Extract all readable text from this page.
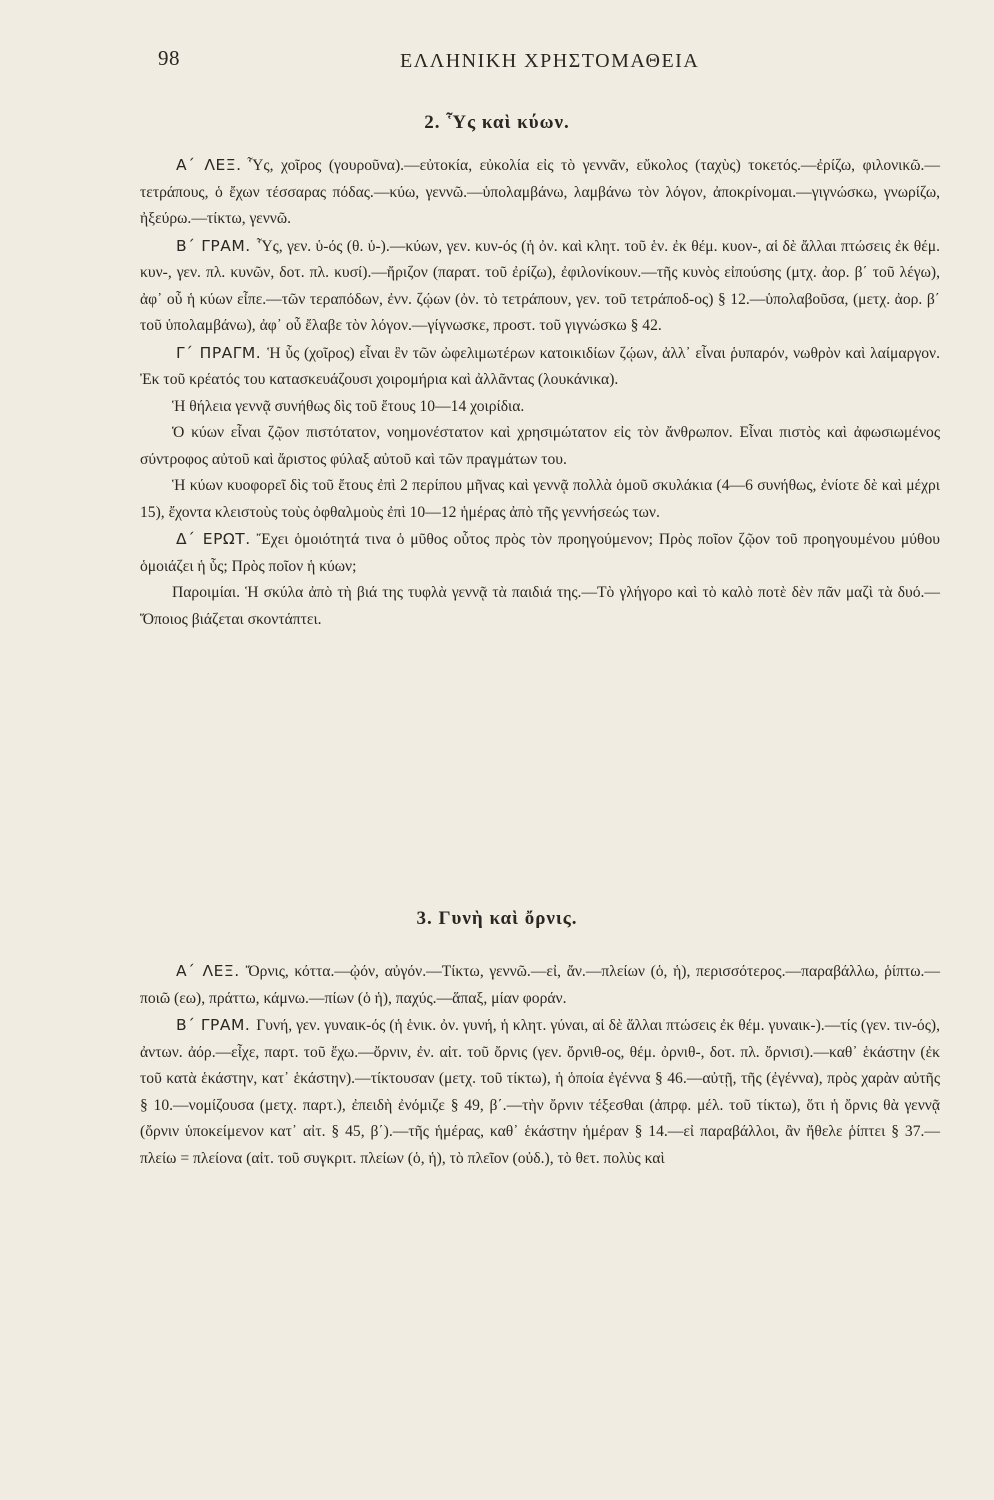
98	ΕΛΛΗΝΙΚΗ ΧΡΗΣΤΟΜΑΘΕΙΑ
2. Ὗς καὶ κύων.

Α΄ ΛΕΞ. Ὗς, χοῖρος (γουροῦνα).—εὐτοκία, εὐκολία εἰς τὸ γεννᾶν, εὔκολος (ταχὺς) τοκετός.—ἐρίζω, φιλονικῶ.—τετράπους, ὁ ἔχων τέσσαρας πόδας.—κύω, γεννῶ.—ὑπολαμβάνω, λαμβάνω τὸν λόγον, ἀποκρίνομαι.—γιγνώσκω, γνωρίζω, ἠξεύρω.—τίκτω, γεννῶ.

Β΄ ΓΡΑΜ. Ὗς, γεν. ὑ-ός (θ. ὑ-).—κύων, γεν. κυν-ός (ἡ ὀν. καὶ κλητ. τοῦ ἑν. ἐκ θέμ. κυον-, αἱ δὲ ἄλλαι πτώσεις ἐκ θέμ. κυν-, γεν. πλ. κυνῶν, δοτ. πλ. κυσί).—ἤριζον (παρατ. τοῦ ἐρίζω), ἐφιλονίκουν.—τῆς κυνὸς εἰπούσης (μτχ. ἀορ. β΄ τοῦ λέγω), ἀφ᾽ οὗ ἡ κύων εἶπε.—τῶν τεραπόδων, ἐνν. ζῴων (ὀν. τὸ τετράπουν, γεν. τοῦ τετράποδ-ος) § 12.—ὑπολαβοῦσα, (μετχ. ἀορ. β΄ τοῦ ὑπολαμβάνω), ἀφ᾽ οὗ ἔλαβε τὸν λόγον.—γίγνωσκε, προστ. τοῦ γιγνώσκω § 42.

Γ΄ ΠΡΑΓΜ. Ἡ ὗς (χοῖρος) εἶναι ἓν τῶν ὠφελιμωτέρων κατοικιδίων ζῴων, ἀλλ᾽ εἶναι ῥυπαρόν, νωθρὸν καὶ λαίμαργον. Ἐκ τοῦ κρέατός του κατασκευάζουσι χοιρομήρια καὶ ἀλλᾶντας (λουκάνικα).

Ἡ θήλεια γεννᾷ συνήθως δὶς τοῦ ἔτους 10—14 χοιρίδια.

Ὁ κύων εἶναι ζῷον πιστότατον, νοημονέστατον καὶ χρησιμώτατον εἰς τὸν ἄνθρωπον. Εἶναι πιστὸς καὶ ἀφωσιωμένος σύντροφος αὐτοῦ καὶ ἄριστος φύλαξ αὐτοῦ καὶ τῶν πραγμάτων του.

Ἡ κύων κυοφορεῖ δὶς τοῦ ἔτους ἐπὶ 2 περίπου μῆνας καὶ γεννᾷ πολλὰ ὁμοῦ σκυλάκια (4—6 συνήθως, ἐνίοτε δὲ καὶ μέχρι 15), ἔχοντα κλειστοὺς τοὺς ὀφθαλμοὺς ἐπὶ 10—12 ἡμέρας ἀπὸ τῆς γεννήσεώς των.

Δ΄ ΕΡΩΤ. Ἔχει ὁμοιότητά τινα ὁ μῦθος οὗτος πρὸς τὸν προηγούμενον; Πρὸς ποῖον ζῷον τοῦ προηγουμένου μύθου ὁμοιάζει ἡ ὗς; Πρὸς ποῖον ἡ κύων;

Παροιμίαι. Ἡ σκύλα ἀπὸ τὴ βιά της τυφλὰ γεννᾷ τὰ παιδιά της.—Τὸ γλήγορο καὶ τὸ καλὸ ποτὲ δὲν πᾶν μαζὶ τὰ δυό.—Ὅποιος βιάζεται σκοντάπτει.

3. Γυνὴ καὶ ὄρνις.

Α΄ ΛΕΞ. Ὄρνις, κόττα.—ᾠόν, αὐγόν.—Τίκτω, γεννῶ.—εἰ, ἄν.—πλείων (ὁ, ἡ), περισσότερος.—παραβάλλω, ῥίπτω.—ποιῶ (εω), πράττω, κάμνω.—πίων (ὁ ἡ), παχύς.—ἅπαξ, μίαν φοράν.

Β΄ ΓΡΑΜ. Γυνή, γεν. γυναικ-ός (ἡ ἑνικ. ὀν. γυνή, ἡ κλητ. γύναι, αἱ δὲ ἄλλαι πτώσεις ἐκ θέμ. γυναικ-).—τίς (γεν. τιν-ός), ἀντων. ἀόρ.—εἶχε, παρτ. τοῦ ἔχω.—ὄρνιν, ἐν. αἰτ. τοῦ ὄρνις (γεν. ὄρνιθ-ος, θέμ. ὀρνιθ-, δοτ. πλ. ὄρνισι).—καθ᾽ ἑκάστην (ἐκ τοῦ κατὰ ἑκάστην, κατ᾽ ἑκάστην).—τίκτουσαν (μετχ. τοῦ τίκτω), ἡ ὁποία ἐγέννα § 46.—αὐτῇ, τῆς (ἐγέννα), πρὸς χαρὰν αὐτῆς § 10.—νομίζουσα (μετχ. παρτ.), ἐπειδὴ ἐνόμιζε § 49, β΄.—τὴν ὄρνιν τέξεσθαι (ἀπρφ. μέλ. τοῦ τίκτω), ὅτι ἡ ὄρνις θὰ γεννᾷ (ὄρνιν ὑποκείμενον κατ᾽ αἰτ. § 45, β΄).—τῆς ἡμέρας, καθ᾽ ἑκάστην ἡμέραν § 14.—εἰ παραβάλλοι, ἂν ἤθελε ῥίπτει § 37.—πλείω = πλείονα (αἰτ. τοῦ συγκριτ. πλείων (ὁ, ἡ), τὸ πλεῖον (οὐδ.), τὸ θετ. πολὺς καὶ
